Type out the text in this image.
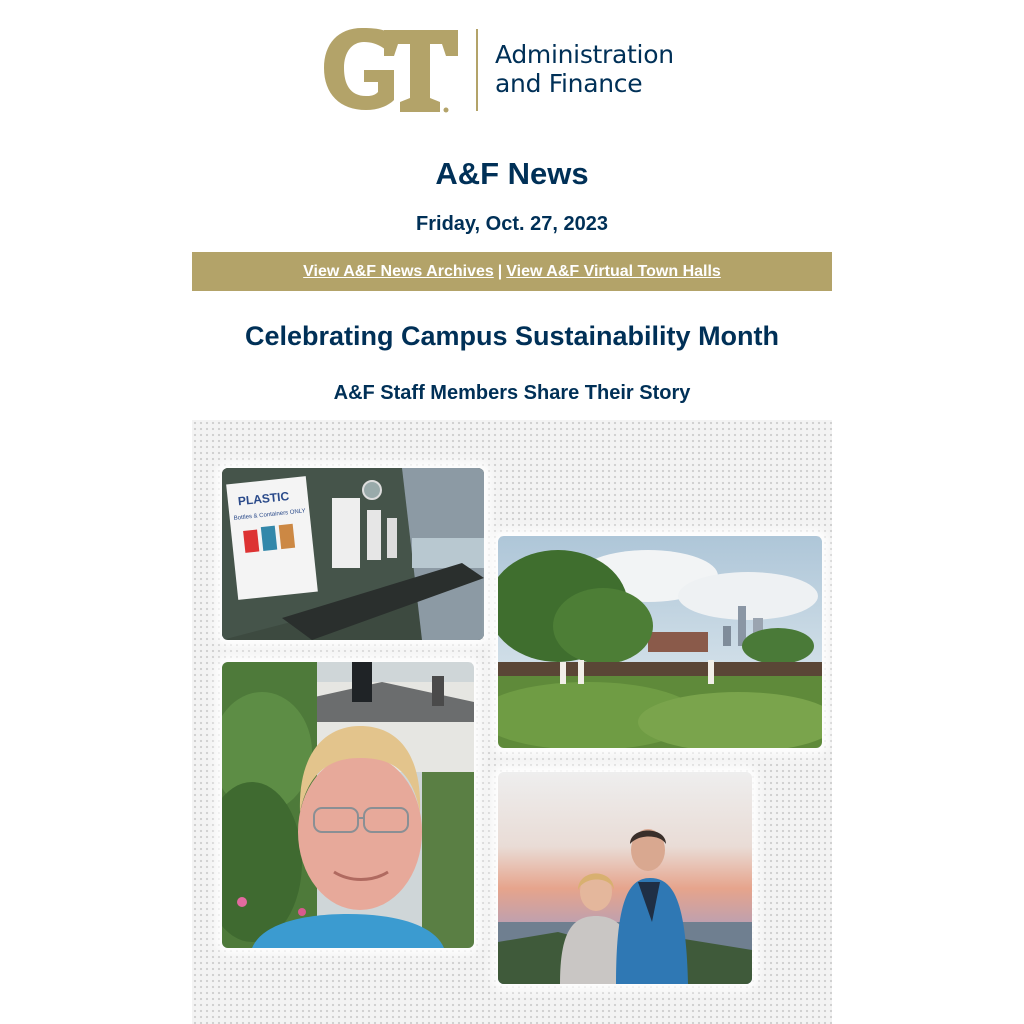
Administration
and Finance
A&F News
Friday, Oct. 27, 2023
View A&F News Archives | View A&F Virtual Town Halls
Celebrating Campus Sustainability Month
A&F Staff Members Share Their Story
PLASTIC
Bottles & Containers ONLY
